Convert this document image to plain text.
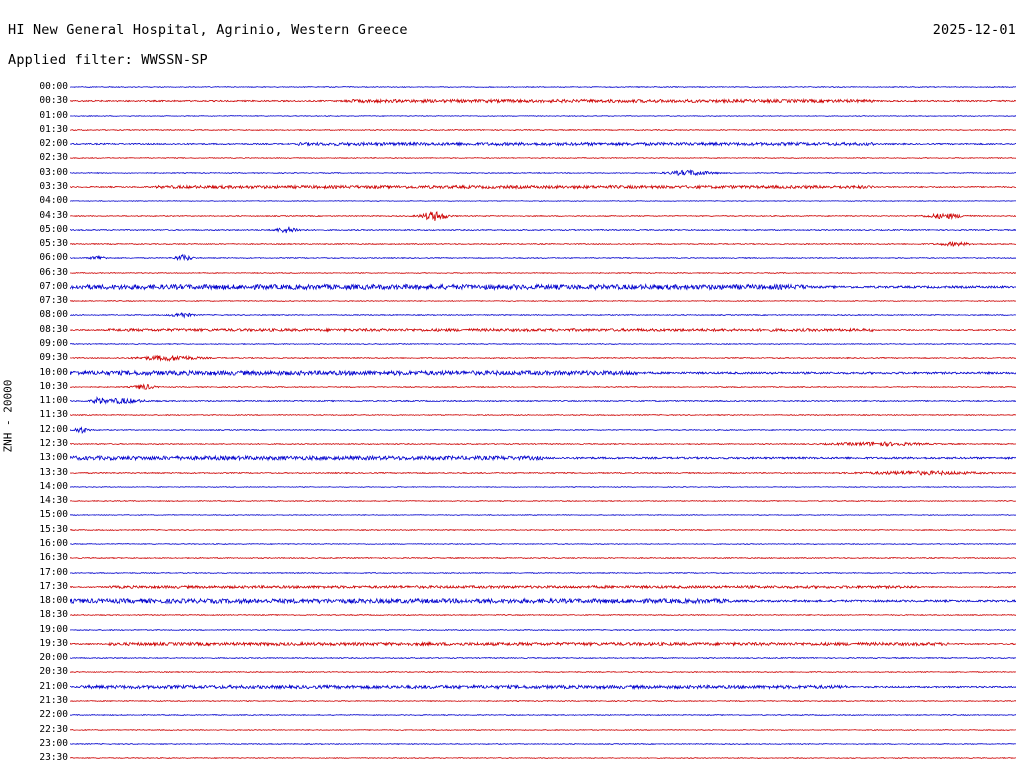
HI New General Hospital, Agrinio, Western Greece	2025-12-01
Applied filter: WWSSN-SP
ZNH - 20000
00:00
00:30
01:00
01:30
02:00
02:30
03:00
03:30
04:00
04:30
05:00
05:30
06:00
06:30
07:00
07:30
08:00
08:30
09:00
09:30
10:00
10:30
11:00
11:30
12:00
12:30
13:00
13:30
14:00
14:30
15:00
15:30
16:00
16:30
17:00
17:30
18:00
18:30
19:00
19:30
20:00
20:30
21:00
21:30
22:00
22:30
23:00
23:30
